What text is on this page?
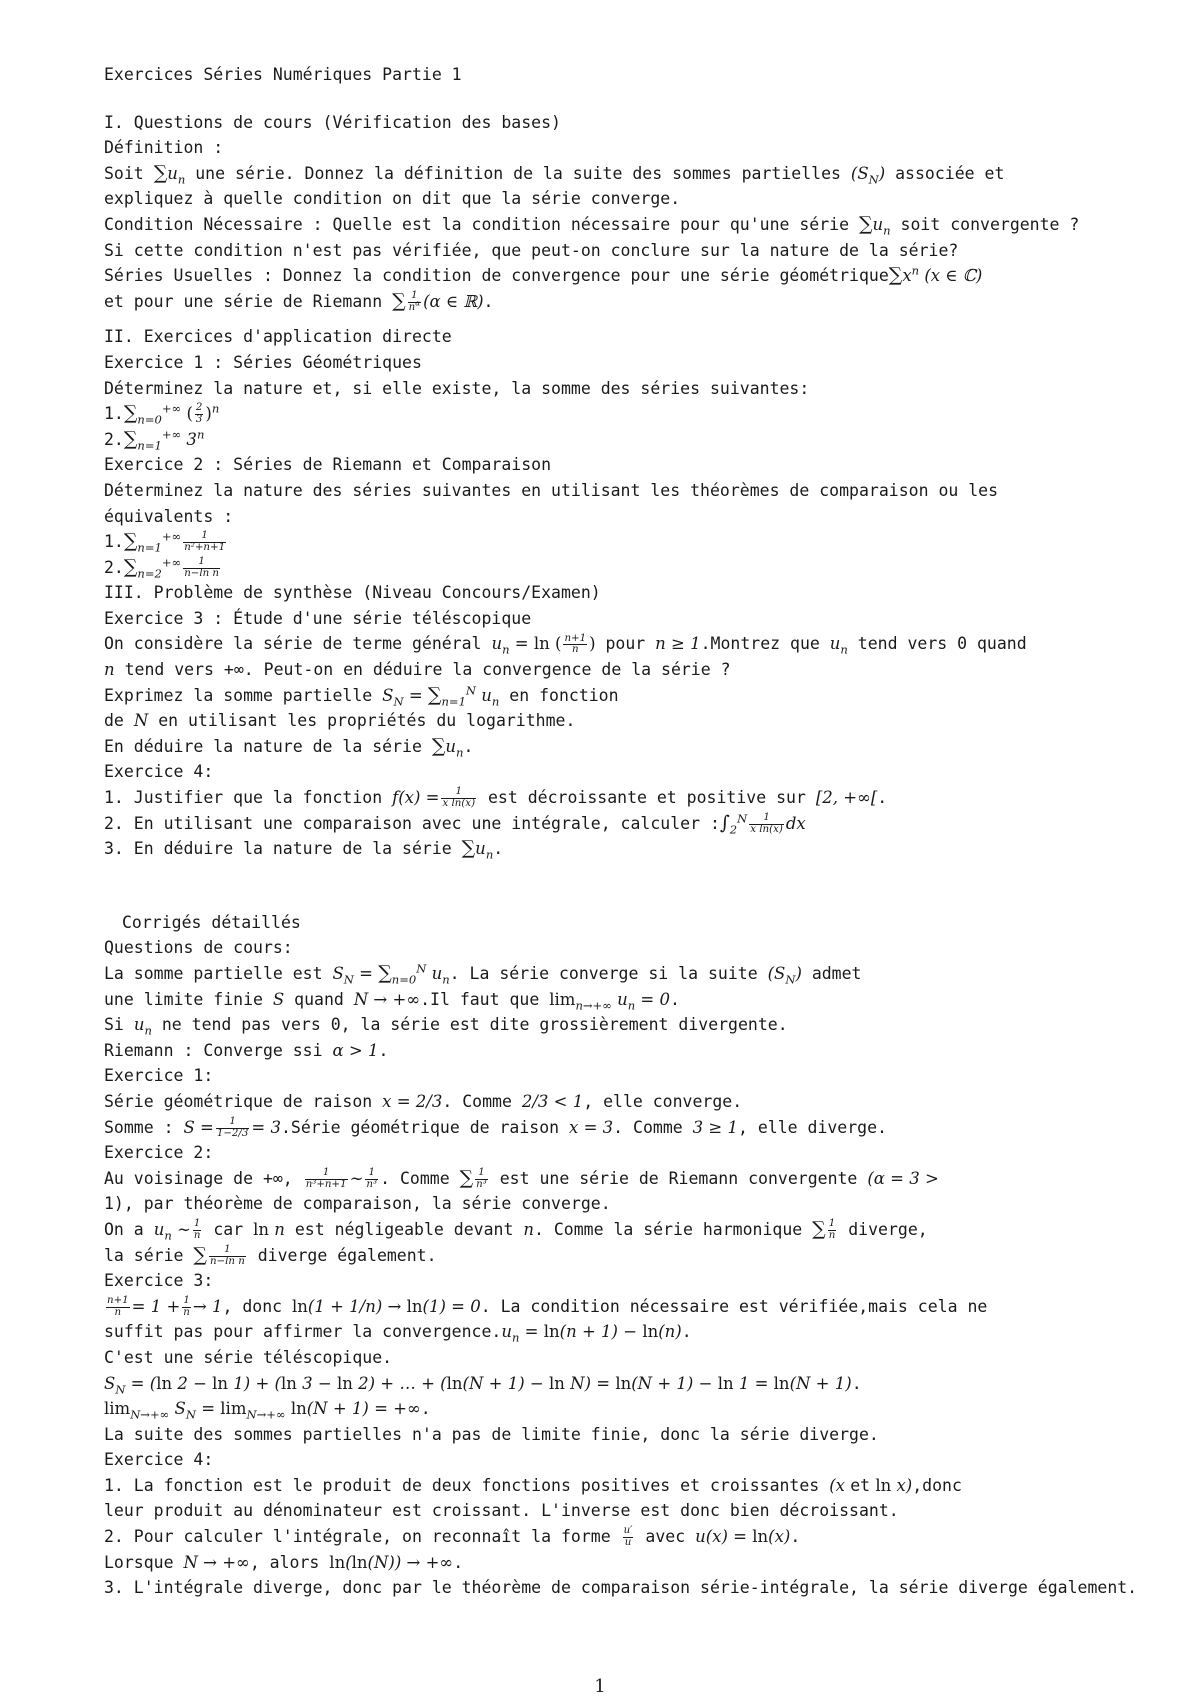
Exercices Séries Numériques Partie 1
I. Questions de cours (Vérification des bases)
Définition :
Soit $\sum u_n$ une série. Donnez la définition de la suite des sommes partielles $(S_N)$ associée et
expliquez à quelle condition on dit que la série converge.
Condition Nécessaire : Quelle est la condition nécessaire pour qu'une série $\sum u_n$ soit convergente ?
Si cette condition n'est pas vérifiée, que peut-on conclure sur la nature de la série?
Séries Usuelles : Donnez la condition de convergence pour une série $géométrique\sum x^n$ (x ∈ ℂ)
et pour une série de Riemann ∑ $\frac{1}{n^\alpha} (\alpha$ ∈ ℝ).
II. Exercices d'application directe
Exercice 1 : Séries Géométriques
Déterminez la nature et, si elle existe, la somme des séries suivantes:
$1.\sum_{n=0}^{+\infty}$ ( $\frac{2}{3} )^n$
$2.\sum_{n=1}^{+\infty}$ 3$^n$
Exercice 2 : Séries de Riemann et Comparaison
Déterminez la nature des séries suivantes en utilisant les théorèmes de comparaison ou les
équivalents :
$1.\sum_{n=1}^{+\infty} \frac{1}{\text{n²+n+1}}$
$2.\sum_{n=2}^{+\infty} \frac{1}{\text{n−ln n}}$
III. Problème de synthèse (Niveau Concours/Examen)
Exercice 3 : Étude d'une série téléscopique
On considère la série de terme général $u_n = \ln$ ( $\frac{n+1}{n}$ ) pour n ≥ 1.Montrez que $u_n$ tend vers 0 quand
n tend vers +∞. Peut-on en déduire la convergence de la série ?
Exprimez la somme partielle $S_N = \sum_{n=1}^N$ $u_n$ en fonction
de N en utilisant les propriétés du logarithme.
En déduire la nature de la série $\sum u_n$.
Exercice 4:
1. Justifier que la fonction $f(x) = \frac{1}{\text{x ln(x)}}$ est décroissante et positive sur [2, +∞[.
2. En utilisant une comparaison avec une intégrale, calculer $:\int_2^N \frac{1}{\text{x ln(x)}}$ dx
3. En déduire la nature de la série $\sum u_n$.
Corrigés détaillés
Questions de cours:
La somme partielle est $S_N = \sum_{n=0}^N$ $u_n$. La série converge si la suite $(S_N)$ admet
une limite finie S quand N → +∞.Il faut que $\lim_{n\to+\infty} u_n = 0$.
Si $u_n$ ne tend pas vers 0, la série est dite grossièrement divergente.
Riemann : Converge ssi α > 1.
Exercice 1:
Série géométrique de raison x = 2/3. Comme 2/3 < 1, elle converge.
Somme : $S = \frac{1}{1-2/3}$ = 3.Série géométrique de raison x = 3. Comme 3 ≥ 1, elle diverge.
Exercice 2:
Au voisinage de +∞, $\frac{1}{\text{n³+n+1}}$ ∼ $\frac{1}{\text{n³}}$ . Comme ∑ $\frac{1}{\text{n³}}$ est une série de Riemann convergente (α = 3 >
1), par théorème de comparaison, la série converge.
On a $u_n$ ∼ $\frac{1}{n}$ car ln n est négligeable devant n. Comme la série harmonique ∑ $\frac{1}{n}$ diverge,
la série ∑ $\frac{1}{\text{n−ln n}}$ diverge également.
Exercice 3:
$\frac{n+1}{n} = 1 + \frac{1}{n} \to 1$, donc ln(1 + 1/n) → ln(1) = 0. La condition nécessaire est vérifiée,mais cela ne
suffit pas pour affirmer la $convergence.u_n = \ln(n + 1) - \ln(n)$.
C'est une série téléscopique.
$S_N = (\ln$ 2 − ln 1) + (ln 3 − ln 2) + … + (ln(N + 1) − ln N) = ln(N + 1) − ln 1 = ln(N + 1).
$\lim_{N\to+\infty} S_N = \lim_{N\to+\infty} \ln(N + 1)$ = +∞.
La suite des sommes partielles n'a pas de limite finie, donc la série diverge.
Exercice 4:
1. La fonction est le produit de deux fonctions positives et croissantes (x et ln x),donc
leur produit au dénominateur est croissant. L'inverse est donc bien décroissant.
2. Pour calculer l'intégrale, on reconnaît la forme $\frac{u'}{u}$ avec u(x) = ln(x).
Lorsque N → +∞, alors ln(ln(N)) → +∞.
3. L'intégrale diverge, donc par le théorème de comparaison série-intégrale, la série diverge également.
1
